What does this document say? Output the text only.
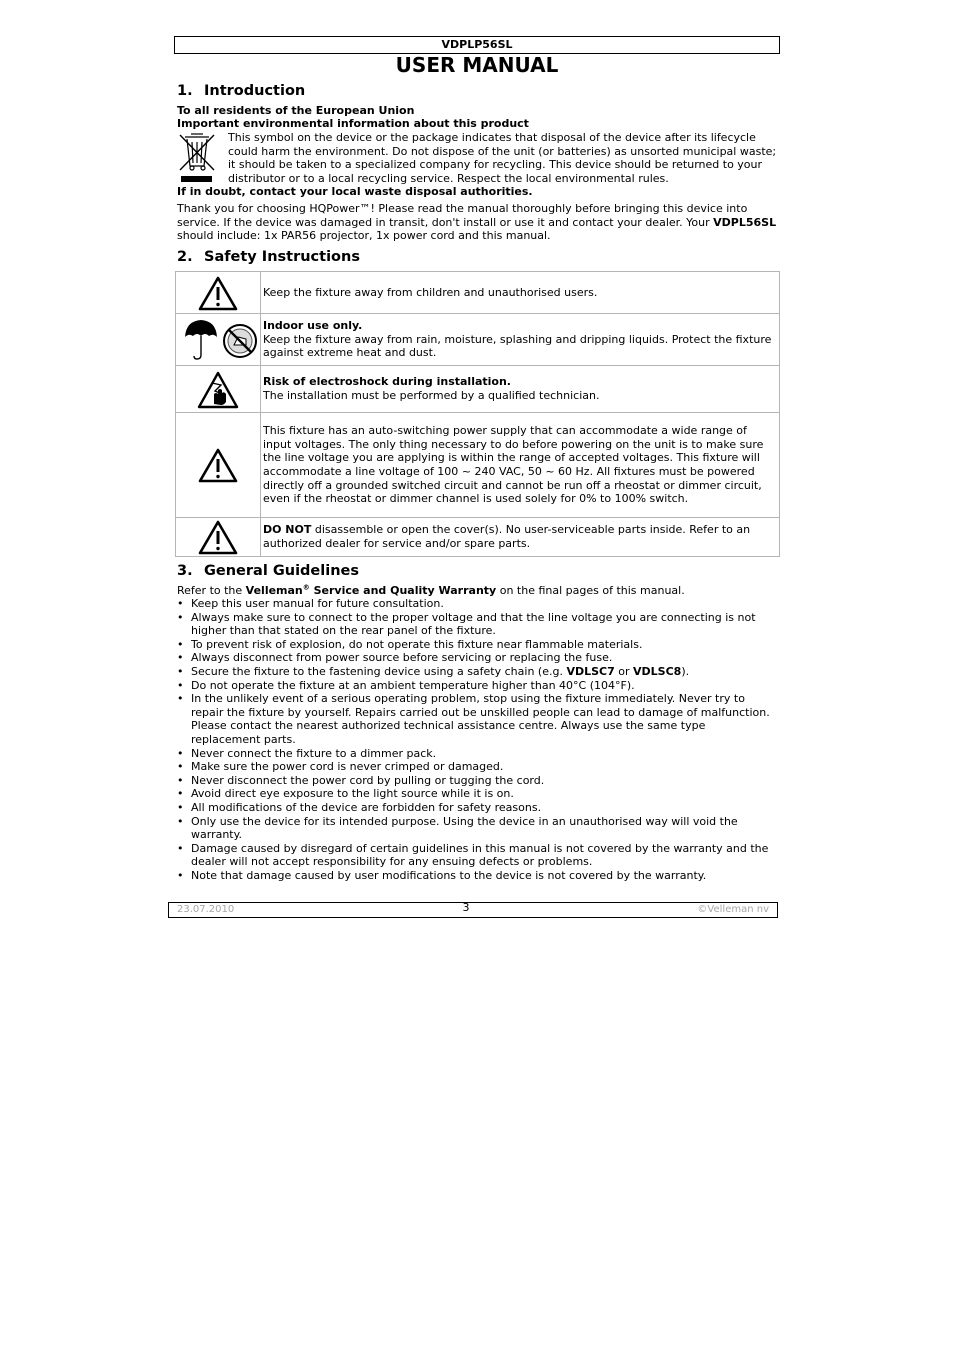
VDPLP56SL
USER MANUAL
1. Introduction
To all residents of the European Union
Important environmental information about this product
This symbol on the device or the package indicates that disposal of the device after its lifecycle could harm the environment. Do not dispose of the unit (or batteries) as unsorted municipal waste; it should be taken to a specialized company for recycling. This device should be returned to your distributor or to a local recycling service. Respect the local environmental rules.
If in doubt, contact your local waste disposal authorities.
Thank you for choosing HQPower™! Please read the manual thoroughly before bringing this device into service. If the device was damaged in transit, don't install or use it and contact your dealer. Your VDPL56SL should include: 1x PAR56 projector, 1x power cord and this manual.
2. Safety Instructions
	Keep the fixture away from children and unauthorised users.

Indoor use only.
Keep the fixture away from rain, moisture, splashing and dripping liquids. Protect the fixture against extreme heat and dust.

Risk of electroshock during installation.
The installation must be performed by a qualified technician.

	This fixture has an auto-switching power supply that can accommodate a wide range of input voltages. The only thing necessary to do before powering on the unit is to make sure the line voltage you are applying is within the range of accepted voltages. This fixture will accommodate a line voltage of 100 ~ 240 VAC, 50 ~ 60 Hz. All fixtures must be powered directly off a grounded switched circuit and cannot be run off a rheostat or dimmer circuit, even if the rheostat or dimmer channel is used solely for 0% to 100% switch.

	DO NOT disassemble or open the cover(s). No user-serviceable parts inside. Refer to an authorized dealer for service and/or spare parts.
3. General Guidelines
Refer to the Velleman® Service and Quality Warranty on the final pages of this manual.
• Keep this user manual for future consultation.
• Always make sure to connect to the proper voltage and that the line voltage you are connecting is not higher than that stated on the rear panel of the fixture.
• To prevent risk of explosion, do not operate this fixture near flammable materials.
• Always disconnect from power source before servicing or replacing the fuse.
• Secure the fixture to the fastening device using a safety chain (e.g. VDLSC7 or VDLSC8).
• Do not operate the fixture at an ambient temperature higher than 40°C (104°F).
• In the unlikely event of a serious operating problem, stop using the fixture immediately. Never try to repair the fixture by yourself. Repairs carried out be unskilled people can lead to damage of malfunction. Please contact the nearest authorized technical assistance centre. Always use the same type replacement parts.
• Never connect the fixture to a dimmer pack.
• Make sure the power cord is never crimped or damaged.
• Never disconnect the power cord by pulling or tugging the cord.
• Avoid direct eye exposure to the light source while it is on.
• All modifications of the device are forbidden for safety reasons.
• Only use the device for its intended purpose. Using the device in an unauthorised way will void the warranty.
• Damage caused by disregard of certain guidelines in this manual is not covered by the warranty and the dealer will not accept responsibility for any ensuing defects or problems.
• Note that damage caused by user modifications to the device is not covered by the warranty.
23.07.2010	3	©Velleman nv
